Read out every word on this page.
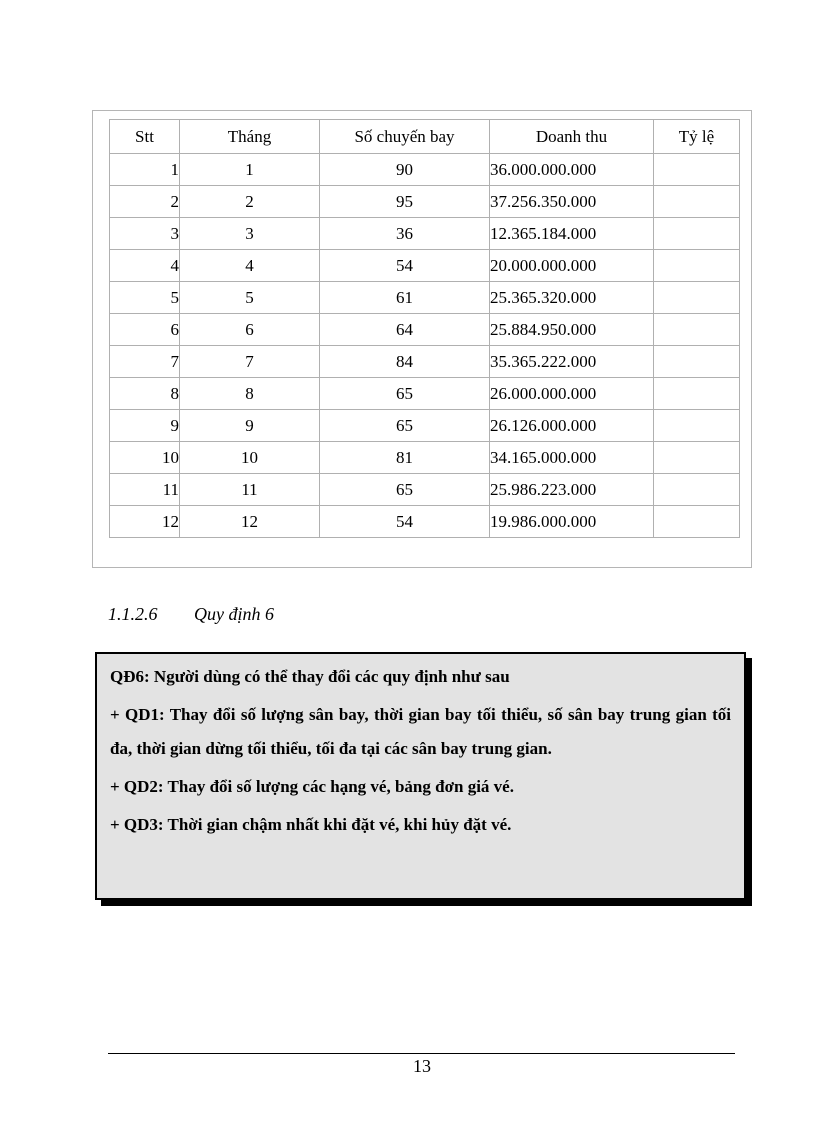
Stt	Tháng	Số chuyến bay	Doanh thu	Tỷ lệ
1	1	90	36.000.000.000	
2	2	95	37.256.350.000	
3	3	36	12.365.184.000	
4	4	54	20.000.000.000	
5	5	61	25.365.320.000	
6	6	64	25.884.950.000	
7	7	84	35.365.222.000	
8	8	65	26.000.000.000	
9	9	65	26.126.000.000	
10	10	81	34.165.000.000	
11	11	65	25.986.223.000	
12	12	54	19.986.000.000	
1.1.2.6 Quy định 6

QĐ6: Người dùng có thể thay đổi các quy định như sau

+ QD1: Thay đổi số lượng sân bay, thời gian bay tối thiểu, số sân bay trung gian tối đa, thời gian dừng tối thiểu, tối đa tại các sân bay trung gian.

+ QD2: Thay đổi số lượng các hạng vé, bảng đơn giá vé.

+ QD3: Thời gian chậm nhất khi đặt vé, khi hủy đặt vé.

13
